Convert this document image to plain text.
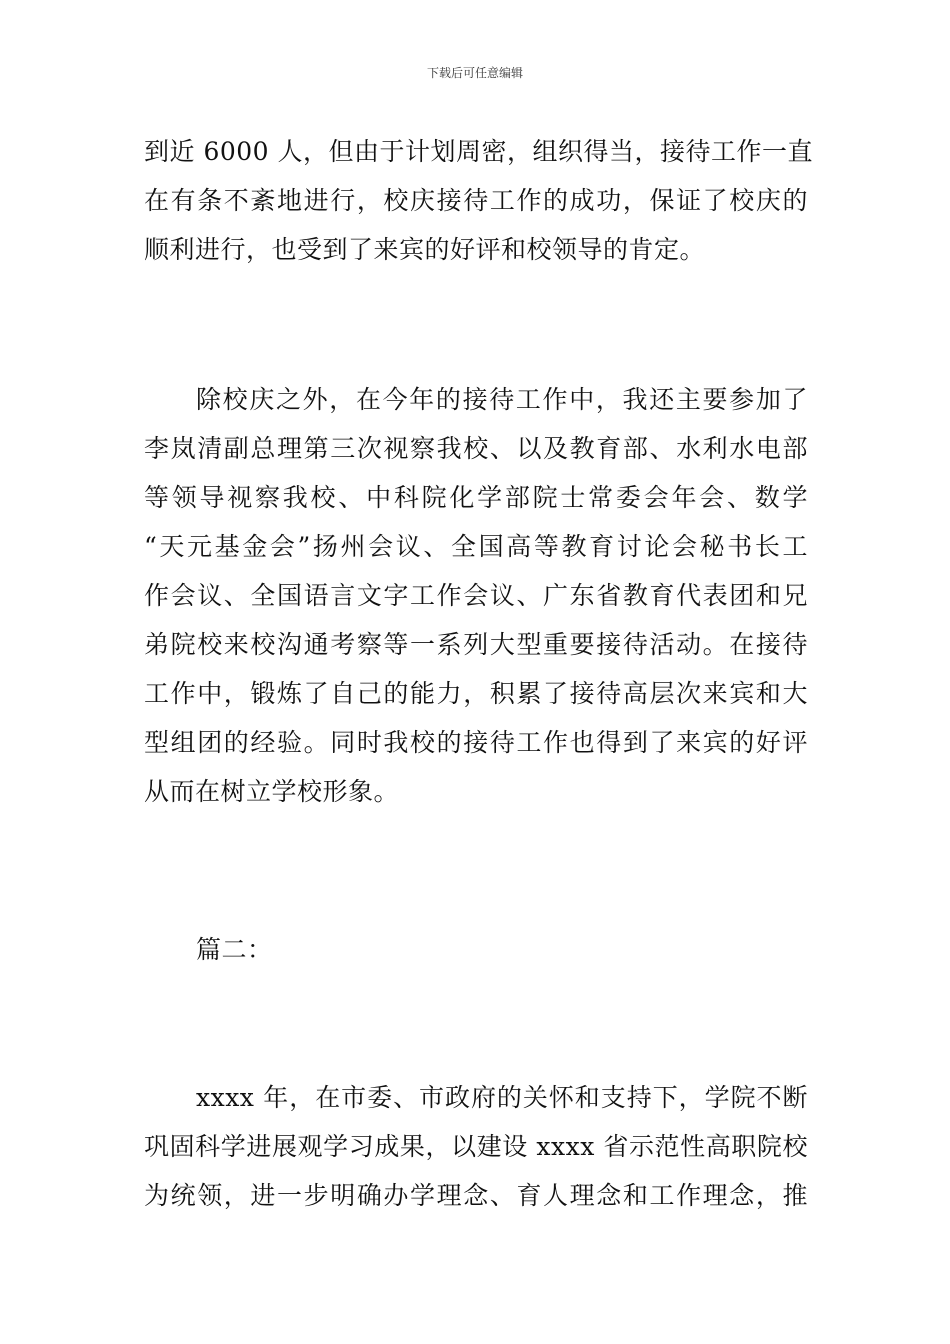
下载后可任意编辑
到近 6000 人，但由于计划周密，组织得当，接待工作一直
在有条不紊地进行，校庆接待工作的成功，保证了校庆的
顺利进行，也受到了来宾的好评和校领导的肯定。
除校庆之外，在今年的接待工作中，我还主要参加了
李岚清副总理第三次视察我校、以及教育部、水利水电部
等领导视察我校、中科院化学部院士常委会年会、数学
“天元基金会”扬州会议、全国高等教育讨论会秘书长工
作会议、全国语言文字工作会议、广东省教育代表团和兄
弟院校来校沟通考察等一系列大型重要接待活动。在接待
工作中，锻炼了自己的能力，积累了接待高层次来宾和大
型组团的经验。同时我校的接待工作也得到了来宾的好评
从而在树立学校形象。
篇二：
xxxx 年，在市委、市政府的关怀和支持下，学院不断
巩固科学进展观学习成果，以建设 xxxx 省示范性高职院校
为统领，进一步明确办学理念、育人理念和工作理念，推
